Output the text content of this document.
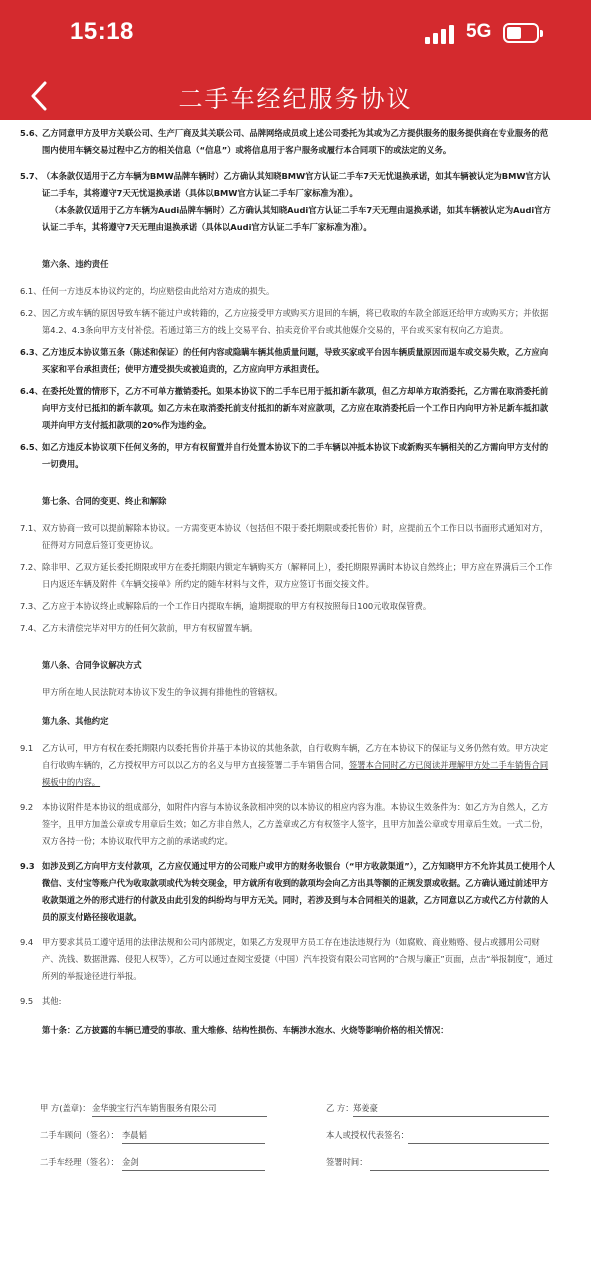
15:18	5G
二手车经纪服务协议
5.6、 乙方同意甲方及甲方关联公司、生产厂商及其关联公司、品牌网络成员或上述公司委托为其或为乙方提供服务的服务提供商在专业服务的范围内使用车辆交易过程中乙方的相关信息（“信息”）或将信息用于客户服务或履行本合同项下的或法定的义务。

5.7、 （本条款仅适用于乙方车辆为BMW品牌车辆时）乙方确认其知晓BMW官方认证二手车7天无忧退换承诺，如其车辆被认定为BMW官方认证二手车，其将遵守7天无忧退换承诺（具体以BMW官方认证二手车厂家标准为准）。

（本条款仅适用于乙方车辆为Audi品牌车辆时）乙方确认其知晓Audi官方认证二手车7天无理由退换承诺，如其车辆被认定为Audi官方认证二手车，其将遵守7天无理由退换承诺（具体以Audi官方认证二手车厂家标准为准）。

第六条、违约责任
6.1、 任何一方违反本协议约定的，均应赔偿由此给对方造成的损失。

6.2、 因乙方或车辆的原因导致车辆不能过户或转籍的，乙方应接受甲方或购买方退回的车辆，将已收取的车款全部返还给甲方或购买方；并依据第4.2、4.3条向甲方支付补偿。若通过第三方的线上交易平台、拍卖竞价平台或其他媒介交易的，平台或买家有权向乙方追责。

6.3、 乙方违反本协议第五条（陈述和保证）的任何内容或隐瞒车辆其他质量问题，导致买家或平台因车辆质量原因而退车或交易失败，乙方应向买家和平台承担责任；使甲方遭受损失或被追责的，乙方应向甲方承担责任。

6.4、 在委托处置的情形下，乙方不可单方撤销委托。如果本协议下的二手车已用于抵扣新车款项，但乙方却单方取消委托，乙方需在取消委托前向甲方支付已抵扣的新车款项。如乙方未在取消委托前支付抵扣的新车对应款项，乙方应在取消委托后一个工作日内向甲方补足新车抵扣款项并向甲方支付抵扣款项的20%作为违约金。

6.5、 如乙方违反本协议项下任何义务的，甲方有权留置并自行处置本协议下的二手车辆以冲抵本协议下或新购买车辆相关的乙方需向甲方支付的一切费用。

第七条、合同的变更、终止和解除
7.1、 双方协商一致可以提前解除本协议。一方需变更本协议（包括但不限于委托期限或委托售价）时，应提前五个工作日以书面形式通知对方，征得对方同意后签订变更协议。

7.2、 除非甲、乙双方延长委托期限或甲方在委托期限内锁定车辆购买方（解释同上），委托期限界满时本协议自然终止；甲方应在界满后三个工作日内返还车辆及附件《车辆交接单》所约定的随车材料与文件，双方应签订书面交接文件。

7.3、 乙方应于本协议终止或解除后的一个工作日内提取车辆，逾期提取的甲方有权按照每日100元收取保管费。

7.4、 乙方未清偿完毕对甲方的任何欠款前，甲方有权留置车辆。

第八条、合同争议解决方式
甲方所在地人民法院对本协议下发生的争议拥有排他性的管辖权。
第九条、其他约定
9.1 乙方认可，甲方有权在委托期限内以委托售价并基于本协议的其他条款，自行收购车辆，乙方在本协议下的保证与义务仍然有效。甲方决定自行收购车辆的，乙方授权甲方可以以乙方的名义与甲方直接签署二手车销售合同，签署本合同时乙方已阅读并理解甲方处二手车销售合同模板中的内容。

9.2 本协议附件是本协议的组成部分，如附件内容与本协议条款相冲突的以本协议的相应内容为准。本协议生效条件为：如乙方为自然人，乙方签字，且甲方加盖公章或专用章后生效；如乙方非自然人，乙方盖章或乙方有权签字人签字，且甲方加盖公章或专用章后生效。一式二份，双方各持一份；本协议取代甲方之前的承诺或约定。

9.3 如涉及到乙方向甲方支付款项，乙方应仅通过甲方的公司账户或甲方的财务收银台（“甲方收款渠道”），乙方知晓甲方不允许其员工使用个人微信、支付宝等账户代为收取款项或代为转交现金，甲方就所有收到的款项均会向乙方出具等额的正规发票或收据。乙方确认通过前述甲方收款渠道之外的形式进行的付款及由此引发的纠纷均与甲方无关。同时，若涉及到与本合同相关的退款，乙方同意以乙方或代乙方付款的人员的原支付路径接收退款。

9.4 甲方要求其员工遵守适用的法律法规和公司内部规定，如果乙方发现甲方员工存在违法违规行为（如腐败、商业贿赂、侵占或挪用公司财产、洗钱、数据泄露、侵犯人权等），乙方可以通过查阅宝爱捷（中国）汽车投资有限公司官网的“合规与廉正”页面，点击“举报制度”，通过所列的举报途径进行举报。

9.5 其他:

第十条：乙方披露的车辆已遭受的事故、重大维修、结构性损伤、车辆涉水泡水、火烧等影响价格的相关情况：
甲 方(盖章)： 金华骏宝行汽车销售服务有限公司	乙 方： 郑姜豪
二手车顾问（签名）： 李晨韬	本人或授权代表签名：
二手车经理（签名）： 金剑	签署时间：
